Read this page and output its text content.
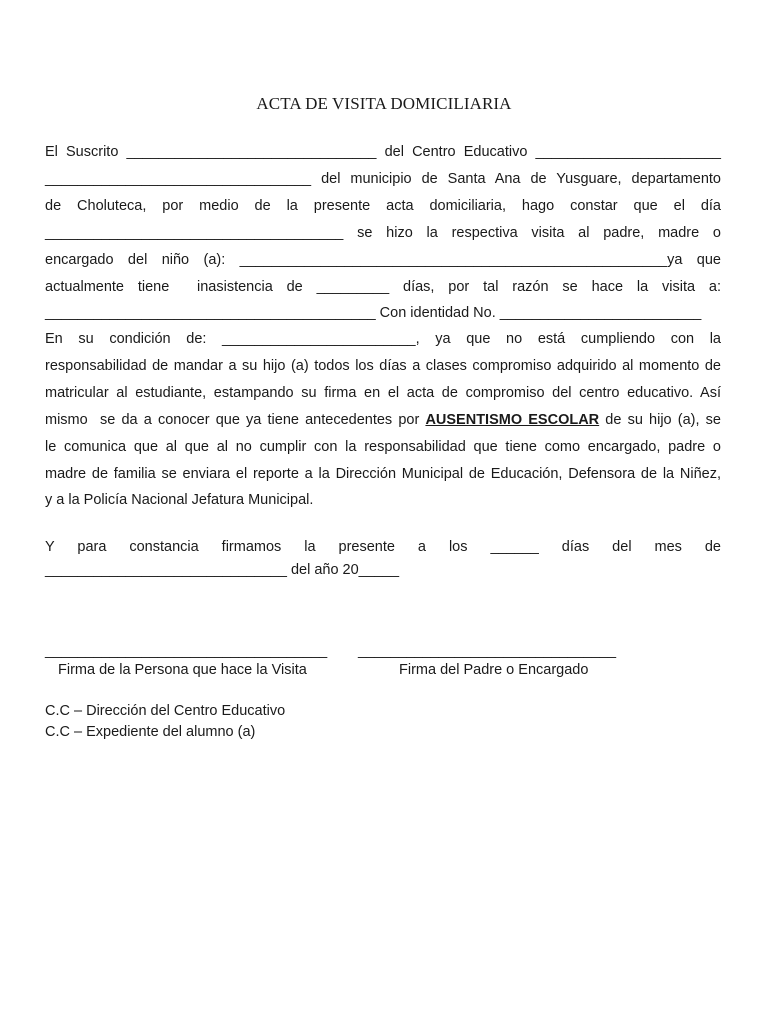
ACTA DE VISITA DOMICILIARIA
El Suscrito _______________________________ del Centro Educativo _______________________
_________________________________ del municipio de Santa Ana de Yusguare, departamento
de Choluteca, por medio de la presente acta domiciliaria, hago constar que el día
_____________________________________ se hizo la respectiva visita al padre, madre o
encargado del niño (a): _____________________________________________________ya que
actualmente tiene  inasistencia de _________ días, por tal razón se hace la visita a:
_________________________________________ Con identidad No. _________________________
En su condición de: ________________________, ya que no está cumpliendo con la
responsabilidad de mandar a su hijo (a) todos los días a clases compromiso adquirido al momento de
matricular al estudiante, estampando su firma en el acta de compromiso del centro educativo. Así
mismo  se da a conocer que ya tiene antecedentes por AUSENTISMO ESCOLAR de su hijo (a), se
le comunica que al que al no cumplir con la responsabilidad que tiene como encargado, padre o
madre de familia se enviara el reporte a la Dirección Municipal de Educación, Defensora de la Niñez,
y a la Policía Nacional Jefatura Municipal.
Y para constancia firmamos la presente a los ______ días del mes de
______________________________ del año 20_____
___________________________________ ________________________________
Firma de la Persona que hace la Visita	Firma del Padre o Encargado
C.C – Dirección del Centro Educativo
C.C – Expediente del alumno (a)
